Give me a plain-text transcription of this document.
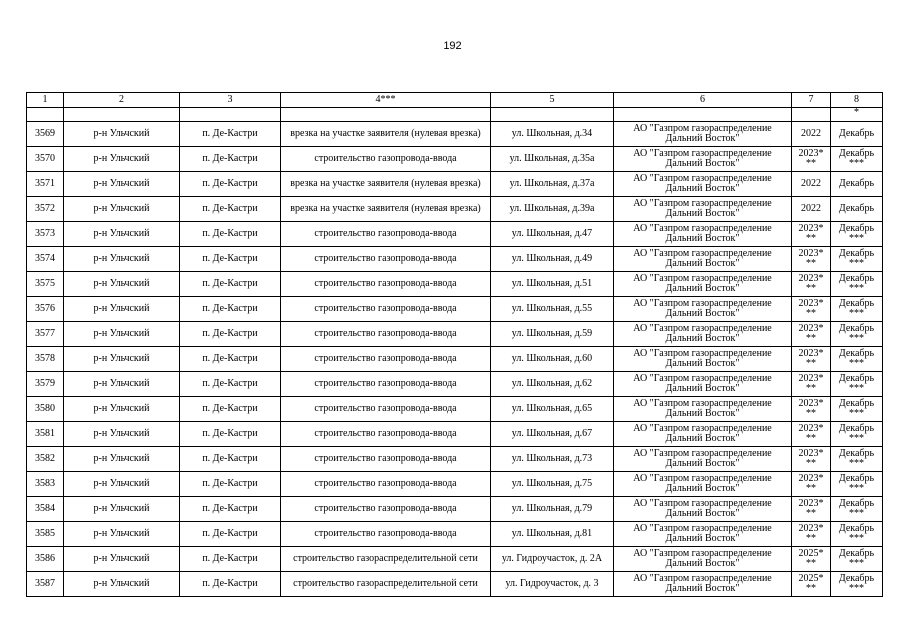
192
1	2	3	4***	5	6	7	8
							*
3569	р-н Ульчский	п. Де-Кастри	врезка на участке заявителя (нулевая врезка)	ул. Школьная, д.34	АО "Газпром газораспределение Дальний Восток"	2022	Декабрь
3570	р-н Ульчский	п. Де-Кастри	строительство газопровода-ввода	ул. Школьная, д.35а	АО "Газпром газораспределение Дальний Восток"	2023* **	Декабрь ***
3571	р-н Ульчский	п. Де-Кастри	врезка на участке заявителя (нулевая врезка)	ул. Школьная, д.37а	АО "Газпром газораспределение Дальний Восток"	2022	Декабрь
3572	р-н Ульчский	п. Де-Кастри	врезка на участке заявителя (нулевая врезка)	ул. Школьная, д.39а	АО "Газпром газораспределение Дальний Восток"	2022	Декабрь
3573	р-н Ульчский	п. Де-Кастри	строительство газопровода-ввода	ул. Школьная, д.47	АО "Газпром газораспределение Дальний Восток"	2023* **	Декабрь ***
3574	р-н Ульчский	п. Де-Кастри	строительство газопровода-ввода	ул. Школьная, д.49	АО "Газпром газораспределение Дальний Восток"	2023* **	Декабрь ***
3575	р-н Ульчский	п. Де-Кастри	строительство газопровода-ввода	ул. Школьная, д.51	АО "Газпром газораспределение Дальний Восток"	2023* **	Декабрь ***
3576	р-н Ульчский	п. Де-Кастри	строительство газопровода-ввода	ул. Школьная, д.55	АО "Газпром газораспределение Дальний Восток"	2023* **	Декабрь ***
3577	р-н Ульчский	п. Де-Кастри	строительство газопровода-ввода	ул. Школьная, д.59	АО "Газпром газораспределение Дальний Восток"	2023* **	Декабрь ***
3578	р-н Ульчский	п. Де-Кастри	строительство газопровода-ввода	ул. Школьная, д.60	АО "Газпром газораспределение Дальний Восток"	2023* **	Декабрь ***
3579	р-н Ульчский	п. Де-Кастри	строительство газопровода-ввода	ул. Школьная, д.62	АО "Газпром газораспределение Дальний Восток"	2023* **	Декабрь ***
3580	р-н Ульчский	п. Де-Кастри	строительство газопровода-ввода	ул. Школьная, д.65	АО "Газпром газораспределение Дальний Восток"	2023* **	Декабрь ***
3581	р-н Ульчский	п. Де-Кастри	строительство газопровода-ввода	ул. Школьная, д.67	АО "Газпром газораспределение Дальний Восток"	2023* **	Декабрь ***
3582	р-н Ульчский	п. Де-Кастри	строительство газопровода-ввода	ул. Школьная, д.73	АО "Газпром газораспределение Дальний Восток"	2023* **	Декабрь ***
3583	р-н Ульчский	п. Де-Кастри	строительство газопровода-ввода	ул. Школьная, д.75	АО "Газпром газораспределение Дальний Восток"	2023* **	Декабрь ***
3584	р-н Ульчский	п. Де-Кастри	строительство газопровода-ввода	ул. Школьная, д.79	АО "Газпром газораспределение Дальний Восток"	2023* **	Декабрь ***
3585	р-н Ульчский	п. Де-Кастри	строительство газопровода-ввода	ул. Школьная, д.81	АО "Газпром газораспределение Дальний Восток"	2023* **	Декабрь ***
3586	р-н Ульчский	п. Де-Кастри	строительство газораспределительной сети	ул. Гидроучасток, д. 2А	АО "Газпром газораспределение Дальний Восток"	2025* **	Декабрь ***
3587	р-н Ульчский	п. Де-Кастри	строительство газораспределительной сети	ул. Гидроучасток, д. 3	АО "Газпром газораспределение Дальний Восток"	2025* **	Декабрь ***
